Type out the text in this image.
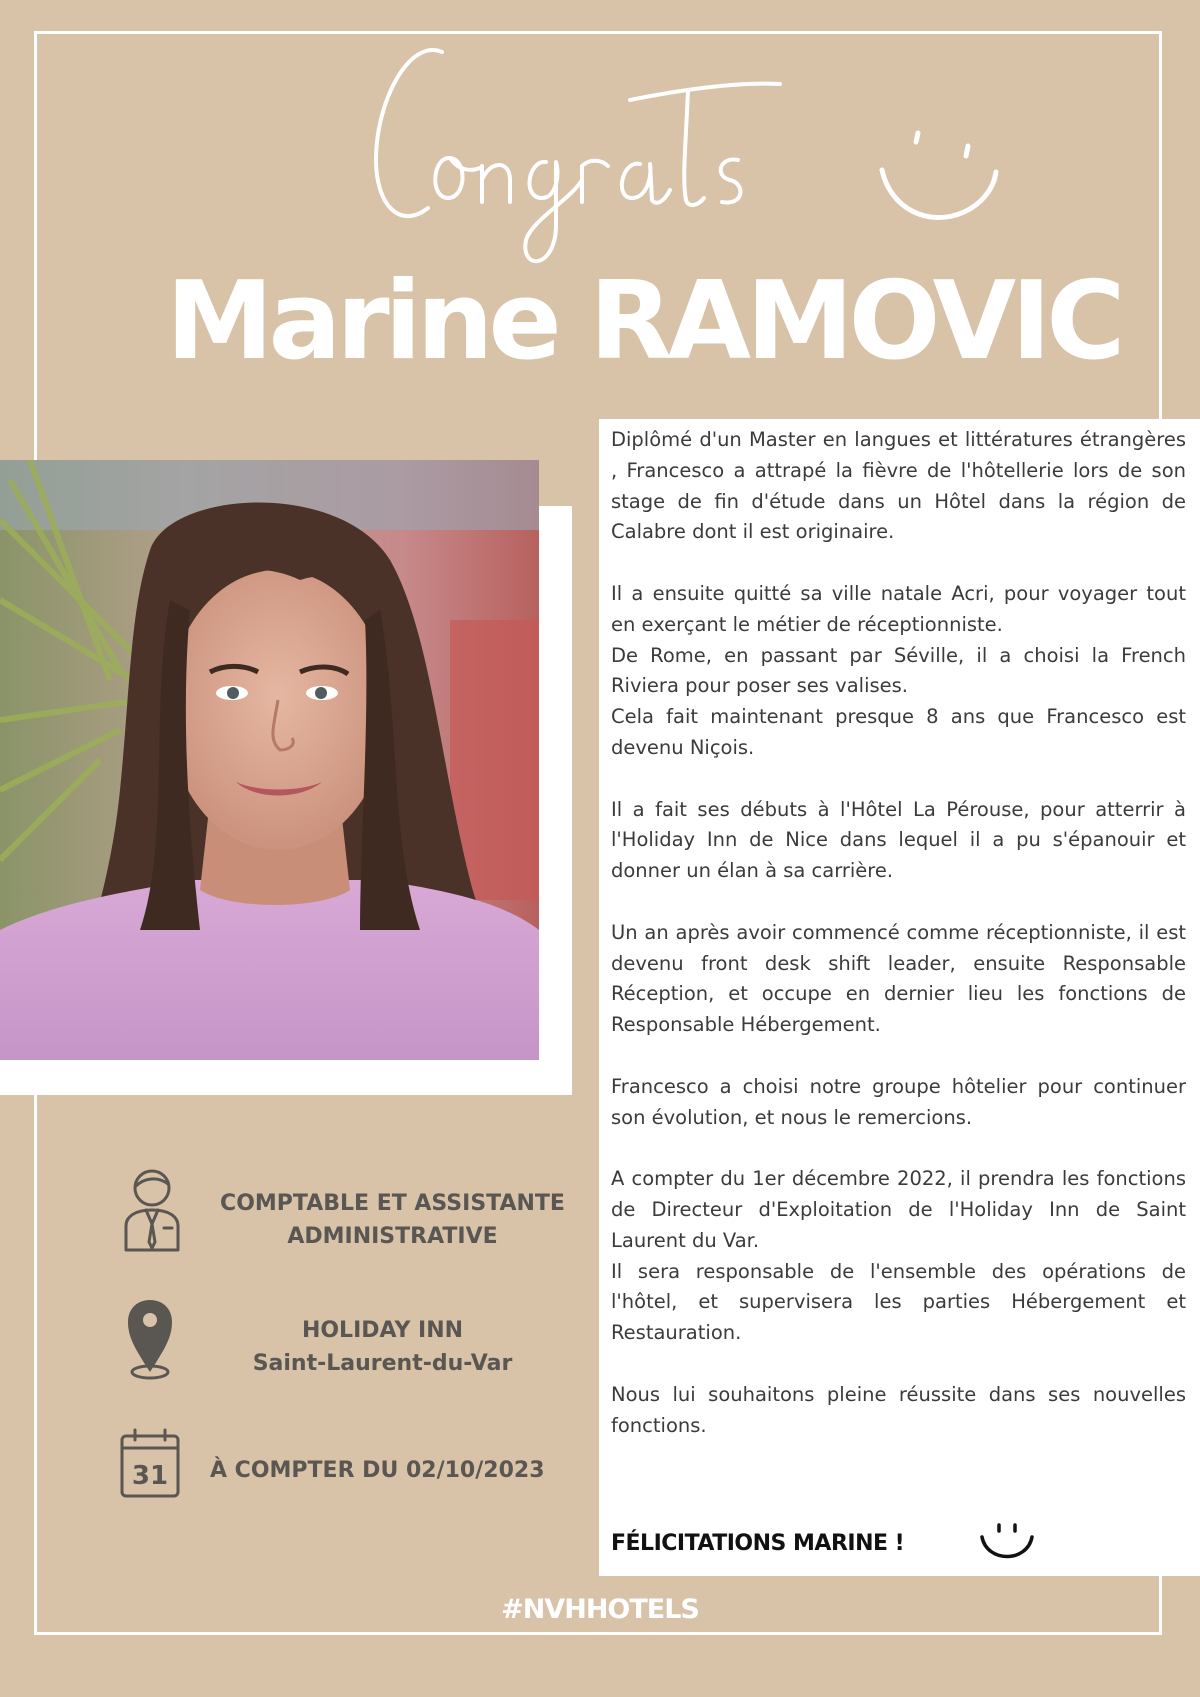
Marine RAMOVIC

Diplômé d'un Master en langues et littératures étrangères , Francesco a attrapé la fièvre de l'hôtellerie lors de son stage de fin d'étude dans un Hôtel dans la région de Calabre dont il est originaire.

Il a ensuite quitté sa ville natale Acri, pour voyager tout en exerçant le métier de réceptionniste.
De Rome, en passant par Séville, il a choisi la French Riviera pour poser ses valises.
Cela fait maintenant presque 8 ans que Francesco est devenu Niçois.

Il a fait ses débuts à l'Hôtel La Pérouse, pour atterrir à l'Holiday Inn de Nice dans lequel il a pu s'épanouir et donner un élan à sa carrière.

Un an après avoir commencé comme réceptionniste, il est devenu front desk shift leader, ensuite Responsable Réception, et occupe en dernier lieu les fonctions de Responsable Hébergement.

Francesco a choisi notre groupe hôtelier pour continuer son évolution, et nous le remercions.

A compter du 1er décembre 2022, il prendra les fonctions de Directeur d'Exploitation de l'Holiday Inn de Saint Laurent du Var.
Il sera responsable de l'ensemble des opérations de l'hôtel, et supervisera les parties Hébergement et Restauration.

Nous lui souhaitons pleine réussite dans ses nouvelles fonctions.

FÉLICITATIONS MARINE !
COMPTABLE ET ASSISTANTE
ADMINISTRATIVE
HOLIDAY INN
Saint-Laurent-du-Var
31 À COMPTER DU 02/10/2023
#NVHHOTELS
